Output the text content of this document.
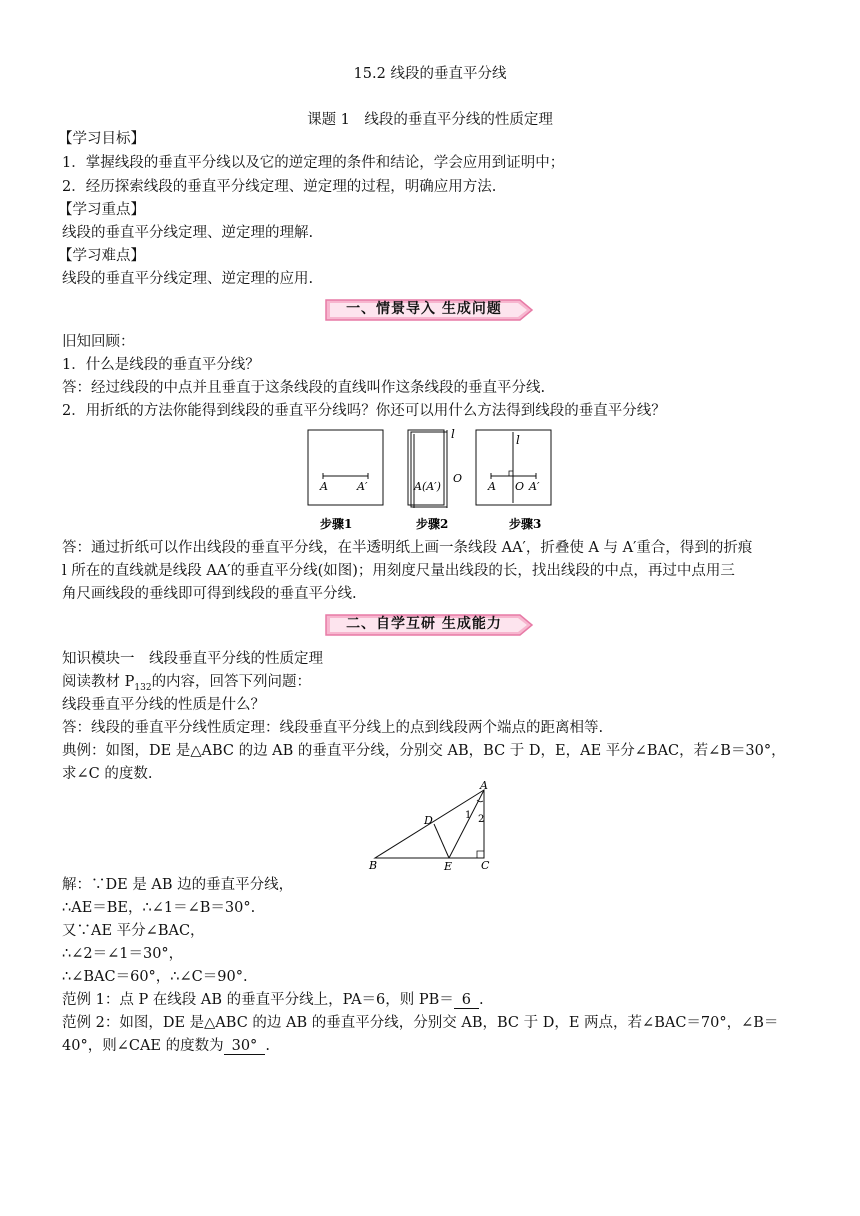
15.2 线段的垂直平分线
课题 1　线段的垂直平分线的性质定理
【学习目标】
1．掌握线段的垂直平分线以及它的逆定理的条件和结论，学会应用到证明中；
2．经历探索线段的垂直平分线定理、逆定理的过程，明确应用方法.
【学习重点】
线段的垂直平分线定理、逆定理的理解.
【学习难点】
线段的垂直平分线定理、逆定理的应用.
一、情景导入 生成问题
旧知回顾：
1．什么是线段的垂直平分线？
答：经过线段的中点并且垂直于这条线段的直线叫作这条线段的垂直平分线.
2．用折纸的方法你能得到线段的垂直平分线吗？你还可以用什么方法得到线段的垂直平分线？
A	A′
l
A(A′)
O
l
A O A′
步骤1	步骤2	步骤3
答：通过折纸可以作出线段的垂直平分线，在半透明纸上画一条线段 AA′，折叠使 A 与 A′重合，得到的折痕
l 所在的直线就是线段 AA′的垂直平分线(如图)；用刻度尺量出线段的长，找出线段的中点，再过中点用三
角尺画线段的垂线即可得到线段的垂直平分线.
二、自学互研 生成能力
知识模块一　线段垂直平分线的性质定理
阅读教材 $P_{132}$的内容，回答下列问题：
线段垂直平分线的性质是什么？
答：线段的垂直平分线性质定理：线段垂直平分线上的点到线段两个端点的距离相等.
典例：如图，DE 是△ABC 的边 AB 的垂直平分线，分别交 AB，BC 于 D，E，AE 平分∠BAC，若∠B＝30°，
求∠C 的度数.
A
B	C
D
E
1 2
解：∵DE 是 AB 边的垂直平分线，
∴AE＝BE，∴∠1＝∠B＝30°.
又∵AE 平分∠BAC，
∴∠2＝∠1＝30°，
∴∠BAC＝60°，∴∠C＝90°.
范例 1：点 P 在线段 AB 的垂直平分线上，PA＝6，则 PB＝ 6 .
范例 2：如图，DE 是△ABC 的边 AB 的垂直平分线，分别交 AB，BC 于 D，E 两点，若∠BAC＝70°，∠B＝
40°，则∠CAE 的度数为 30° .
